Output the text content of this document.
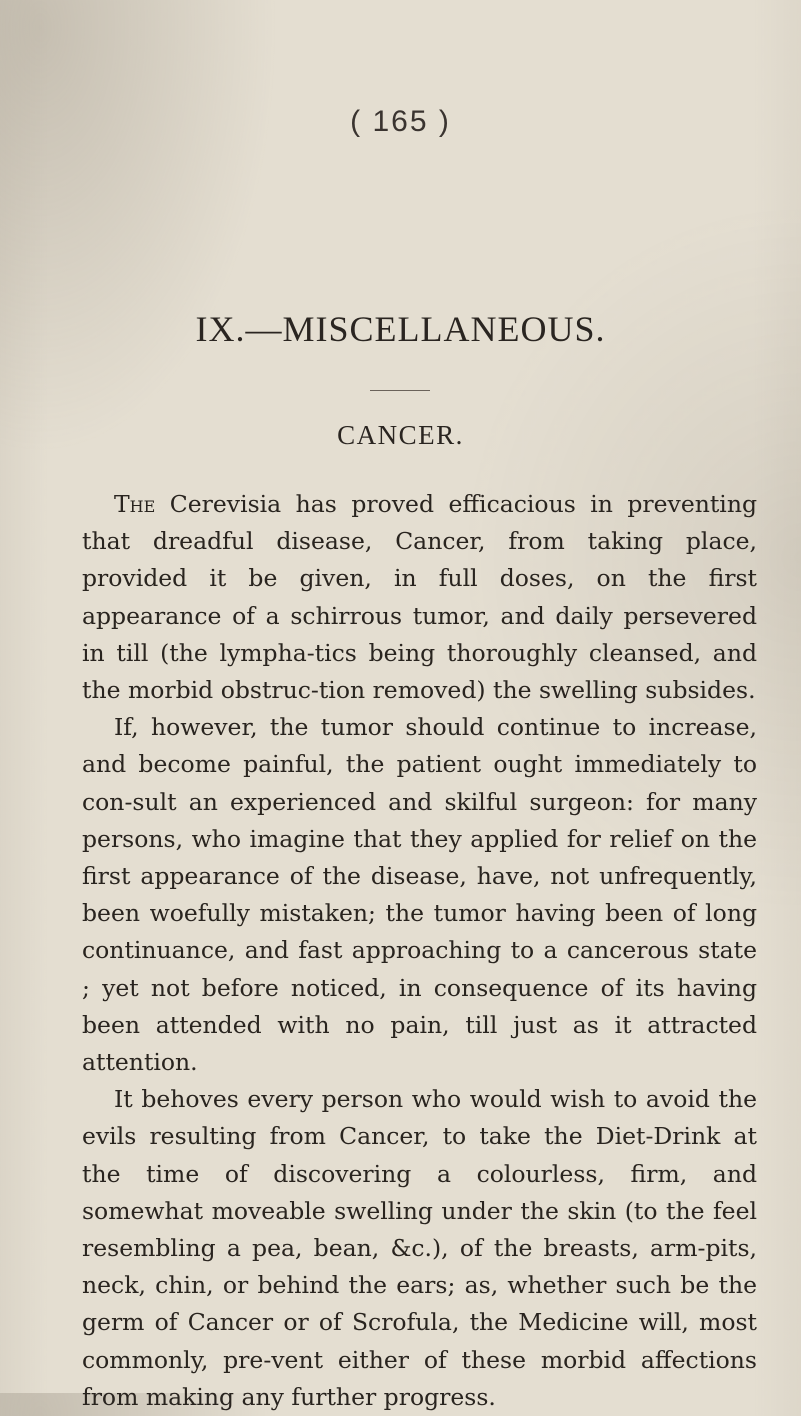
( 165 )
IX.—MISCELLANEOUS.
CANCER.

The Cerevisia has proved efficacious in preventing that dreadful disease, Cancer, from taking place, provided it be given, in full doses, on the first appearance of a schirrous tumor, and daily persevered in till (the lympha-tics being thoroughly cleansed, and the morbid obstruc-tion removed) the swelling subsides.

If, however, the tumor should continue to increase, and become painful, the patient ought immediately to con-sult an experienced and skilful surgeon: for many persons, who imagine that they applied for relief on the first appearance of the disease, have, not unfrequently, been woefully mistaken; the tumor having been of long continuance, and fast approaching to a cancerous state ; yet not before noticed, in consequence of its having been attended with no pain, till just as it attracted attention.

It behoves every person who would wish to avoid the evils resulting from Cancer, to take the Diet-Drink at the time of discovering a colourless, firm, and somewhat moveable swelling under the skin (to the feel resembling a pea, bean, &c.), of the breasts, arm-pits, neck, chin, or behind the ears; as, whether such be the germ of Cancer or of Scrofula, the Medicine will, most commonly, pre-vent either of these morbid affections from making any further progress.
